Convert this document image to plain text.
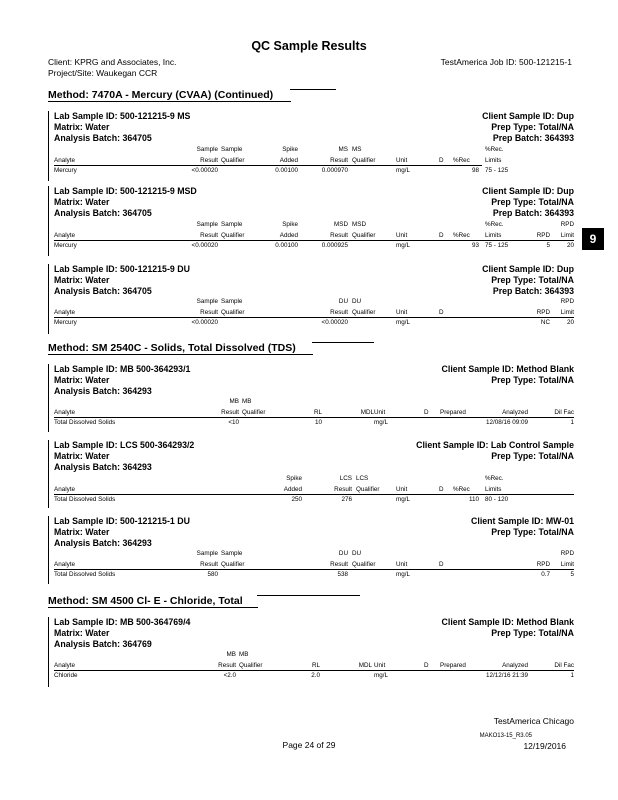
QC Sample Results
Client: KPRG and Associates, Inc.
Project/Site: Waukegan CCR
TestAmerica Job ID: 500-121215-1
9
Method: 7470A - Mercury (CVAA) (Continued)
Lab Sample ID: 500-121215-9 MS
Matrix: Water
Analysis Batch: 364705
Client Sample ID: Dup
Prep Type: Total/NA
Prep Batch: 364393
Sample Sample	Spike	MS MS	%Rec.
Analyte	Result Qualifier	Added	Result Qualifier	Unit	D %Rec Limits
Mercury	<0.00020	0.00100	0.000970	mg/L	98 75 - 125
Lab Sample ID: 500-121215-9 MSD
Matrix: Water
Analysis Batch: 364705
Client Sample ID: Dup
Prep Type: Total/NA
Prep Batch: 364393
Sample Sample	Spike	MSD MSD	%Rec.	RPD
Analyte	Result Qualifier	Added	Result Qualifier	Unit	D %Rec Limits	RPD Limit
Mercury	<0.00020	0.00100	0.000925	mg/L	93 75 - 125	5	20
Lab Sample ID: 500-121215-9 DU
Matrix: Water
Analysis Batch: 364705
Client Sample ID: Dup
Prep Type: Total/NA
Prep Batch: 364393
Sample Sample	DU DU	RPD
Analyte	Result Qualifier	Result Qualifier	Unit	D	RPD Limit
Mercury	<0.00020	<0.00020	mg/L	NC	20
Method: SM 2540C - Solids, Total Dissolved (TDS)
Lab Sample ID: MB 500-364293/1
Matrix: Water
Analysis Batch: 364293
Client Sample ID: Method Blank
Prep Type: Total/NA
MB MB
Analyte	Result Qualifier	RL	MDL Unit	D Prepared	Analyzed	Dil Fac
Total Dissolved Solids	<10	10	mg/L	12/08/16 09:09	1
Lab Sample ID: LCS 500-364293/2
Matrix: Water
Analysis Batch: 364293
Client Sample ID: Lab Control Sample
Prep Type: Total/NA
Spike	LCS LCS	%Rec.
Analyte	Added	Result Qualifier	Unit	D %Rec Limits
Total Dissolved Solids	250	276	mg/L	110 80 - 120
Lab Sample ID: 500-121215-1 DU
Matrix: Water
Analysis Batch: 364293
Client Sample ID: MW-01
Prep Type: Total/NA
Sample Sample	DU DU	RPD
Analyte	Result Qualifier	Result Qualifier	Unit	D	RPD Limit
Total Dissolved Solids	580	538	mg/L	0.7	5
Method: SM 4500 Cl- E - Chloride, Total
Lab Sample ID: MB 500-364769/4
Matrix: Water
Analysis Batch: 364769
Client Sample ID: Method Blank
Prep Type: Total/NA
MB MB
Analyte	Result Qualifier	RL	MDL Unit	D Prepared	Analyzed	Dil Fac
Chloride	<2.0	2.0	mg/L	12/12/16 21:39	1
TestAmerica Chicago
Page 24 of 29
MAKO13-15_R3.05
12/19/2016
